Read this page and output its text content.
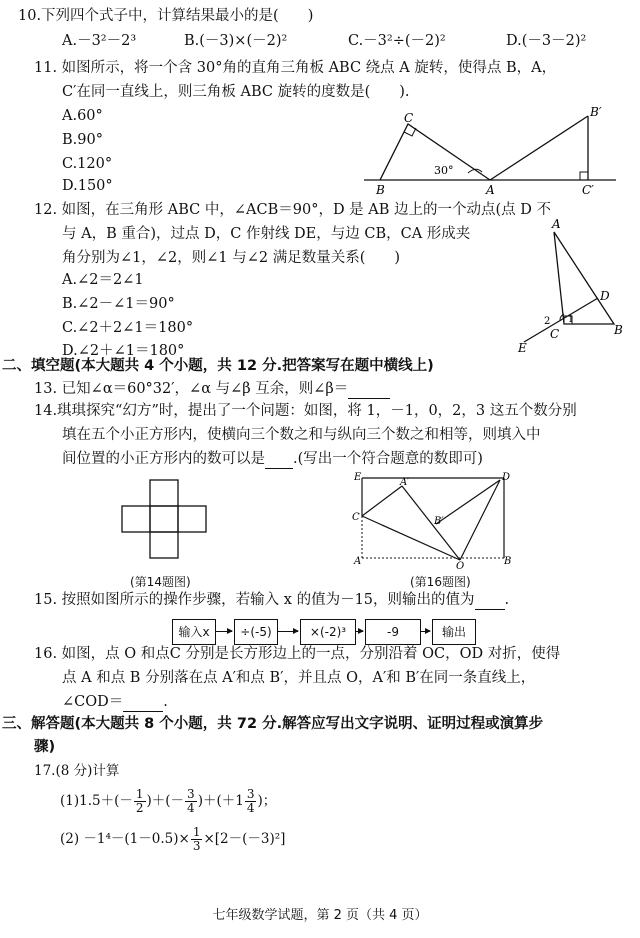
10.下列四个式子中，计算结果最小的是(　　)
A.－3²－2³	B.(－3)×(－2)²	C.－3²÷(－2)²	D.(－3－2)²
11. 如图所示，将一个含 30°角的直角三角板 ABC 绕点 A 旋转，使得点 B，A，
C′在同一直线上，则三角板 ABC 旋转的度数是(　　).
A.60°
B.90°
C.120°
D.150°
C
B	A
B′
C′
30°
12. 如图，在三角形 ABC 中，∠ACB＝90°，D 是 AB 边上的一个动点(点 D 不
与 A，B 重合)，过点 D，C 作射线 DE，与边 CB，CA 形成夹
角分别为∠1，∠2，则∠1 与∠2 满足数量关系(　　)
A.∠2＝2∠1
B.∠2－∠1＝90°
C.∠2＋2∠1＝180°
D.∠2＋∠1＝180°
A
D
C	B
E
1
2
二、填空题(本大题共 4 个小题，共 12 分.把答案写在题中横线上)
13. 已知∠α＝60°32′，∠α 与∠β 互余，则∠β＝
14.琪琪探究“幻方”时，提出了一个问题：如图，将 1，－1，0，2，3 这五个数分别
填在五个小正方形内，使横向三个数之和与纵向三个数之和相等，则填入中
间位置的小正方形内的数可以是 .(写出一个符合题意的数即可)
(第14题图)
E	A′	D
C	B′
A	O	B
(第16题图)
15. 按照如图所示的操作步骤，若输入 x 的值为－15，则输出的值为 .
输入x	÷(-5)	×(-2)³	-9	输出
16. 如图，点 O 和点C 分别是长方形边上的一点，分别沿着 OC，OD 对折，使得
点 A 和点 B 分别落在点 A′和点 B′，并且点 O，A′和 B′在同一条直线上，
∠COD＝	.
三、解答题(本大题共 8 个小题，共 72 分.解答应写出文字说明、证明过程或演算步
骤)
17.(8 分)计算
$(1)1.5+(- \frac{1}{2}$ )＋(－ $\frac{3}{4} )+(+1 \frac{3}{4}$ )；
$(2) -1^4-(1-0.5)\times \frac{1}{3} \times[2-(-3)^2]$
七年级数学试题，第 2 页（共 4 页）
